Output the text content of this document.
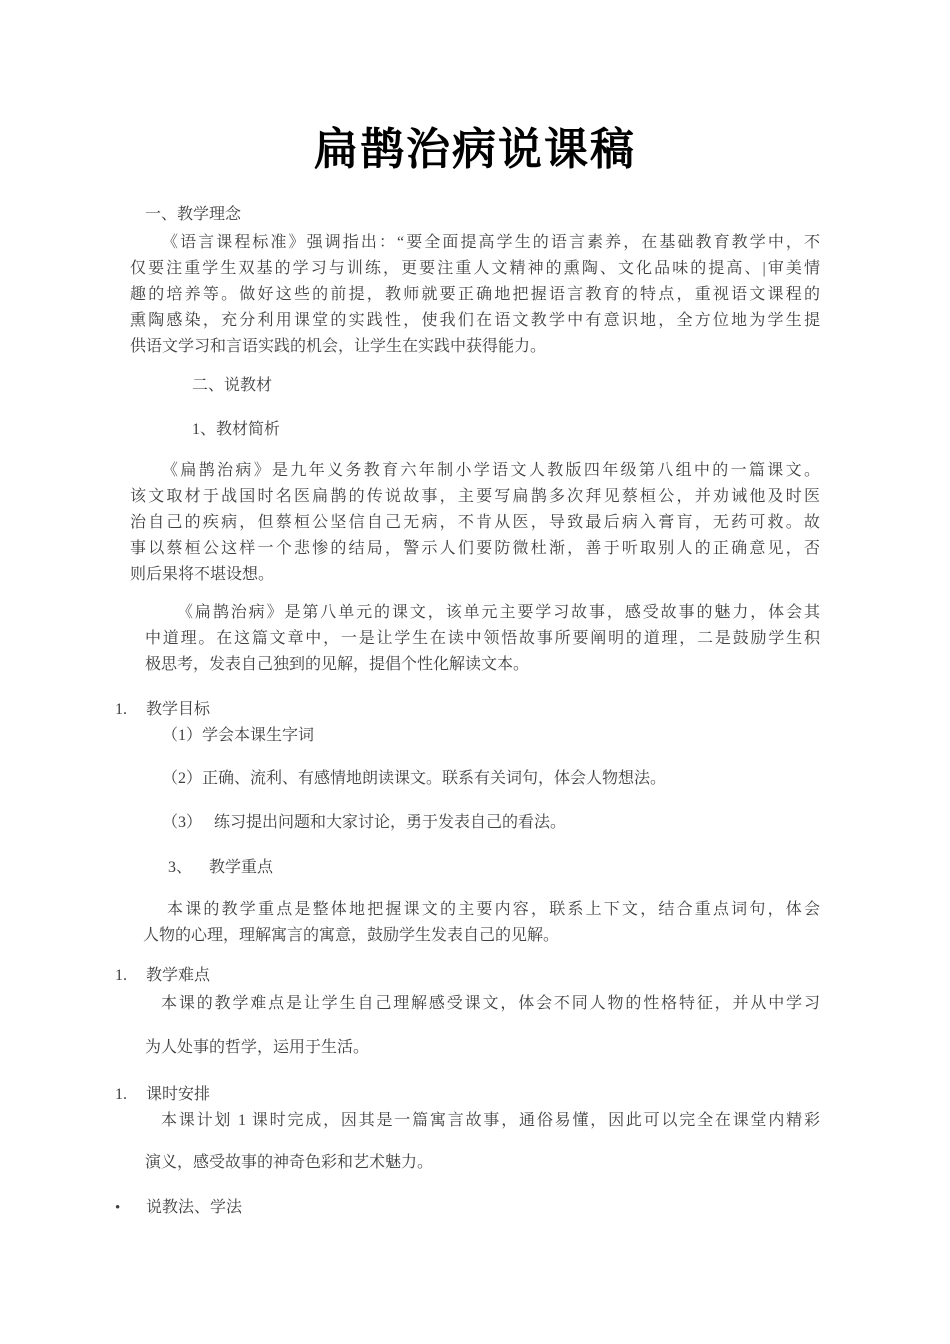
扁鹊治病说课稿
一、教学理念
《语言课程标准》强调指出：“要全面提高学生的语言素养，在基础教育教学中，不
仅要注重学生双基的学习与训练，更要注重人文精神的熏陶、文化品味的提高、|审美情
趣的培养等。做好这些的前提，教师就要正确地把握语言教育的特点，重视语文课程的
熏陶感染，充分利用课堂的实践性，使我们在语文教学中有意识地，全方位地为学生提
供语文学习和言语实践的机会，让学生在实践中获得能力。
二、说教材
1、教材简析
《扁鹊治病》是九年义务教育六年制小学语文人教版四年级第八组中的一篇课文。
该文取材于战国时名医扁鹊的传说故事，主要写扁鹊多次拜见蔡桓公，并劝诫他及时医
治自己的疾病，但蔡桓公坚信自己无病，不肯从医，导致最后病入膏肓，无药可救。故
事以蔡桓公这样一个悲惨的结局，警示人们要防微杜渐，善于听取别人的正确意见，否
则后果将不堪设想。
《扁鹊治病》是第八单元的课文，该单元主要学习故事，感受故事的魅力，体会其
中道理。在这篇文章中，一是让学生在读中领悟故事所要阐明的道理，二是鼓励学生积
极思考，发表自己独到的见解，提倡个性化解读文本。
1.	教学目标
（1）学会本课生字词
（2）正确、流利、有感情地朗读课文。联系有关词句，体会人物想法。
（3）　 练习提出问题和大家讨论，勇于发表自己的看法。
3、	教学重点
本课的教学重点是整体地把握课文的主要内容，联系上下文，结合重点词句，体会
人物的心理，理解寓言的寓意，鼓励学生发表自己的见解。
1.	教学难点
本课的教学难点是让学生自己理解感受课文，体会不同人物的性格特征，并从中学习
为人处事的哲学，运用于生活。
1.	课时安排
本课计划 1 课时完成，因其是一篇寓言故事，通俗易懂，因此可以完全在课堂内精彩
演义，感受故事的神奇色彩和艺术魅力。
•	说教法、学法
